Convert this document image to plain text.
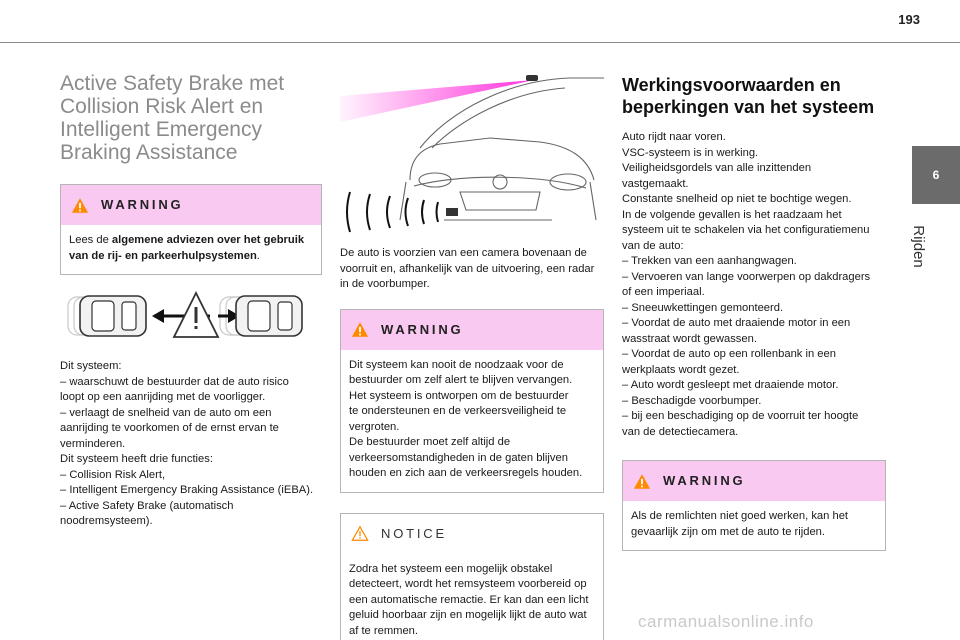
193
6
Rijden
Active Safety Brake met
Collision Risk Alert en
Intelligent Emergency
Braking Assistance
WARNING
Lees de algemene adviezen over het gebruik van de rij- en parkeerhulpsystemen.
Dit systeem:
– waarschuwt de bestuurder dat de auto risico
loopt op een aanrijding met de voorligger.
– verlaagt de snelheid van de auto om een
aanrijding te voorkomen of de ernst ervan te
verminderen.
Dit systeem heeft drie functies:
– Collision Risk Alert,
– Intelligent Emergency Braking Assistance (iEBA).
– Active Safety Brake (automatisch
noodremsysteem).
De auto is voorzien van een camera bovenaan de
voorruit en, afhankelijk van de uitvoering, een radar
in de voorbumper.
WARNING
Dit systeem kan nooit de noodzaak voor de
bestuurder om zelf alert te blijven vervangen.
Het systeem is ontworpen om de bestuurder
te ondersteunen en de verkeersveiligheid te
vergroten.
De bestuurder moet zelf altijd de
verkeersomstandigheden in de gaten blijven
houden en zich aan de verkeersregels houden.
NOTICE
Zodra het systeem een mogelijk obstakel
detecteert, wordt het remsysteem voorbereid op
een automatische remactie. Er kan dan een licht
geluid hoorbaar zijn en mogelijk lijkt de auto wat
af te remmen.
Werkingsvoorwaarden en
beperkingen van het systeem
Auto rijdt naar voren.
VSC-systeem is in werking.
Veiligheidsgordels van alle inzittenden
vastgemaakt.
Constante snelheid op niet te bochtige wegen.
In de volgende gevallen is het raadzaam het
systeem uit te schakelen via het configuratiemenu
van de auto:
– Trekken van een aanhangwagen.
– Vervoeren van lange voorwerpen op dakdragers
of een imperiaal.
– Sneeuwkettingen gemonteerd.
– Voordat de auto met draaiende motor in een
wasstraat wordt gewassen.
– Voordat de auto op een rollenbank in een
werkplaats wordt gezet.
– Auto wordt gesleept met draaiende motor.
– Beschadigde voorbumper.
– bij een beschadiging op de voorruit ter hoogte
van de detectiecamera.
WARNING
Als de remlichten niet goed werken, kan het
gevaarlijk zijn om met de auto te rijden.
carmanualsonline.info
